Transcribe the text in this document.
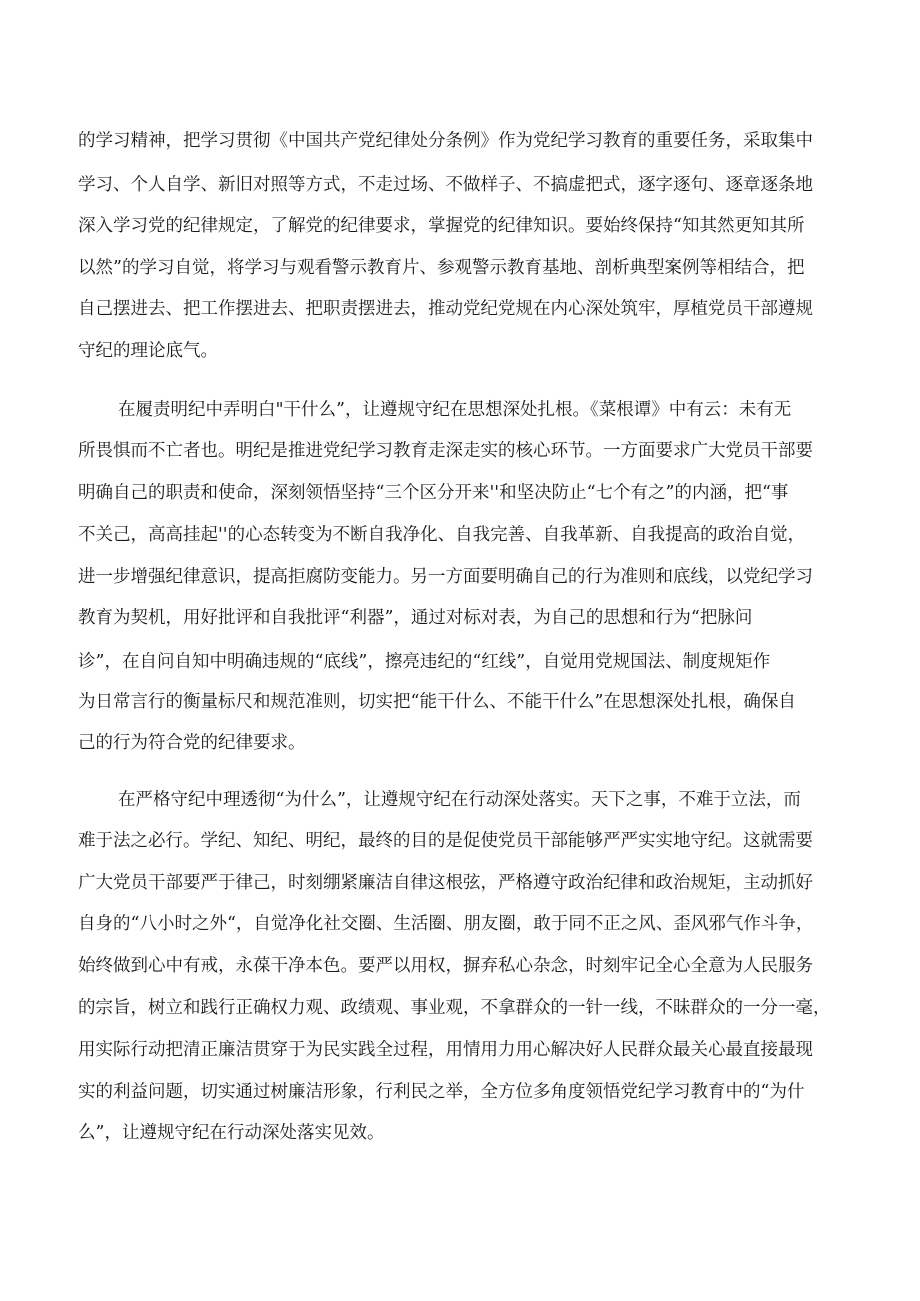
的学习精神，把学习贯彻《中国共产党纪律处分条例》作为党纪学习教育的重要任务，采取集中

学习、个人自学、新旧对照等方式，不走过场、不做样子、不搞虚把式，逐字逐句、逐章逐条地

深入学习党的纪律规定，了解党的纪律要求，掌握党的纪律知识。要始终保持“知其然更知其所

以然”的学习自觉，将学习与观看警示教育片、参观警示教育基地、剖析典型案例等相结合，把

自己摆进去、把工作摆进去、把职责摆进去，推动党纪党规在内心深处筑牢，厚植党员干部遵规

守纪的理论底气。

在履责明纪中弄明白"干什么”，让遵规守纪在思想深处扎根。《菜根谭》中有云：未有无

所畏惧而不亡者也。明纪是推进党纪学习教育走深走实的核心环节。一方面要求广大党员干部要

明确自己的职责和使命，深刻领悟坚持“三个区分开来''和坚决防止“七个有之”的内涵，把“事

不关己，高高挂起''的心态转变为不断自我净化、自我完善、自我革新、自我提高的政治自觉，

进一步增强纪律意识，提高拒腐防变能力。另一方面要明确自己的行为准则和底线，以党纪学习

教育为契机，用好批评和自我批评“利器”，通过对标对表，为自己的思想和行为“把脉问

诊”，在自问自知中明确违规的“底线”，擦亮违纪的“红线”，自觉用党规国法、制度规矩作

为日常言行的衡量标尺和规范准则，切实把“能干什么、不能干什么”在思想深处扎根，确保自

己的行为符合党的纪律要求。

在严格守纪中理透彻“为什么”，让遵规守纪在行动深处落实。天下之事，不难于立法，而

难于法之必行。学纪、知纪、明纪，最终的目的是促使党员干部能够严严实实地守纪。这就需要

广大党员干部要严于律己，时刻绷紧廉洁自律这根弦，严格遵守政治纪律和政治规矩，主动抓好

自身的“八小时之外“，自觉净化社交圈、生活圈、朋友圈，敢于同不正之风、歪风邪气作斗争，

始终做到心中有戒，永葆干净本色。要严以用权，摒弃私心杂念，时刻牢记全心全意为人民服务

的宗旨，树立和践行正确权力观、政绩观、事业观，不拿群众的一针一线，不昧群众的一分一毫，

用实际行动把清正廉洁贯穿于为民实践全过程，用情用力用心解决好人民群众最关心最直接最现

实的利益问题，切实通过树廉洁形象，行利民之举，全方位多角度领悟党纪学习教育中的“为什

么”，让遵规守纪在行动深处落实见效。
